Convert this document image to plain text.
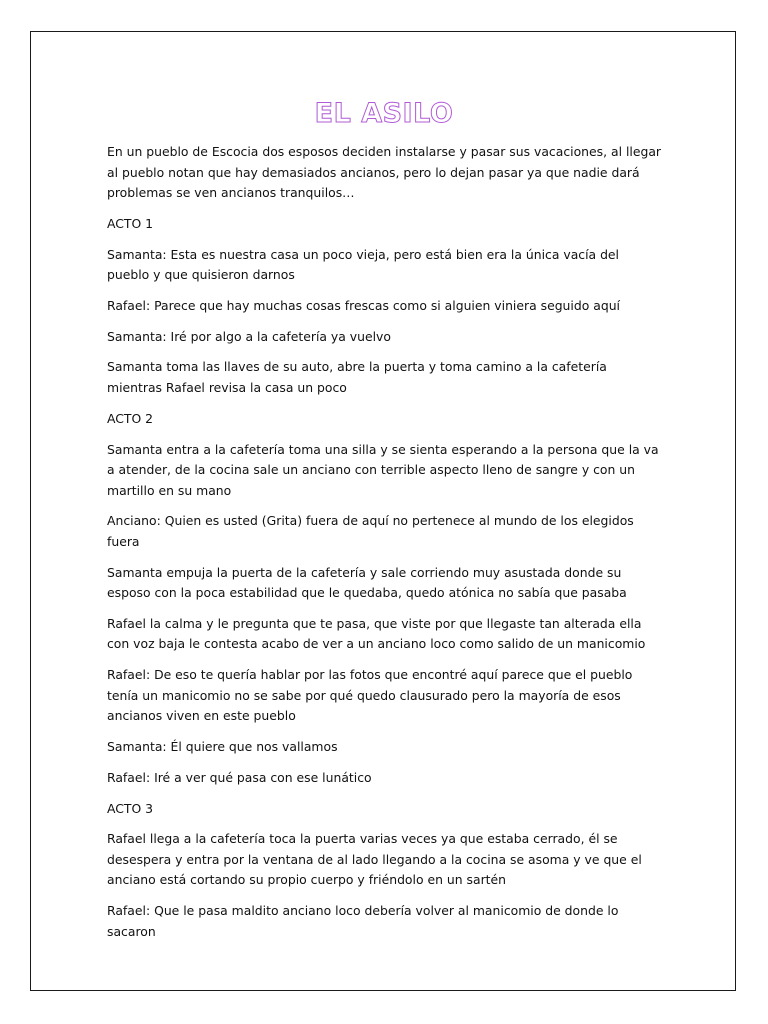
EL ASILO

En un pueblo de Escocia dos esposos deciden instalarse y pasar sus vacaciones, al llegar al pueblo notan que hay demasiados ancianos, pero lo dejan pasar ya que nadie dará problemas se ven ancianos tranquilos…

ACTO 1

Samanta: Esta es nuestra casa un poco vieja, pero está bien era la única vacía del pueblo y que quisieron darnos

Rafael: Parece que hay muchas cosas frescas como si alguien viniera seguido aquí

Samanta: Iré por algo a la cafetería ya vuelvo

Samanta toma las llaves de su auto, abre la puerta y toma camino a la cafetería mientras Rafael revisa la casa un poco

ACTO 2

Samanta entra a la cafetería toma una silla y se sienta esperando a la persona que la va a atender, de la cocina sale un anciano con terrible aspecto lleno de sangre y con un martillo en su mano

Anciano: Quien es usted (Grita) fuera de aquí no pertenece al mundo de los elegidos fuera

Samanta empuja la puerta de la cafetería y sale corriendo muy asustada donde su esposo con la poca estabilidad que le quedaba, quedo atónica no sabía que pasaba

Rafael la calma y le pregunta que te pasa, que viste por que llegaste tan alterada ella con voz baja le contesta acabo de ver a un anciano loco como salido de un manicomio

Rafael: De eso te quería hablar por las fotos que encontré aquí parece que el pueblo tenía un manicomio no se sabe por qué quedo clausurado pero la mayoría de esos ancianos viven en este pueblo

Samanta: Él quiere que nos vallamos

Rafael: Iré a ver qué pasa con ese lunático

ACTO 3

Rafael llega a la cafetería toca la puerta varias veces ya que estaba cerrado, él se desespera y entra por la ventana de al lado llegando a la cocina se asoma y ve que el anciano está cortando su propio cuerpo y friéndolo en un sartén

Rafael: Que le pasa maldito anciano loco debería volver al manicomio de donde lo sacaron
